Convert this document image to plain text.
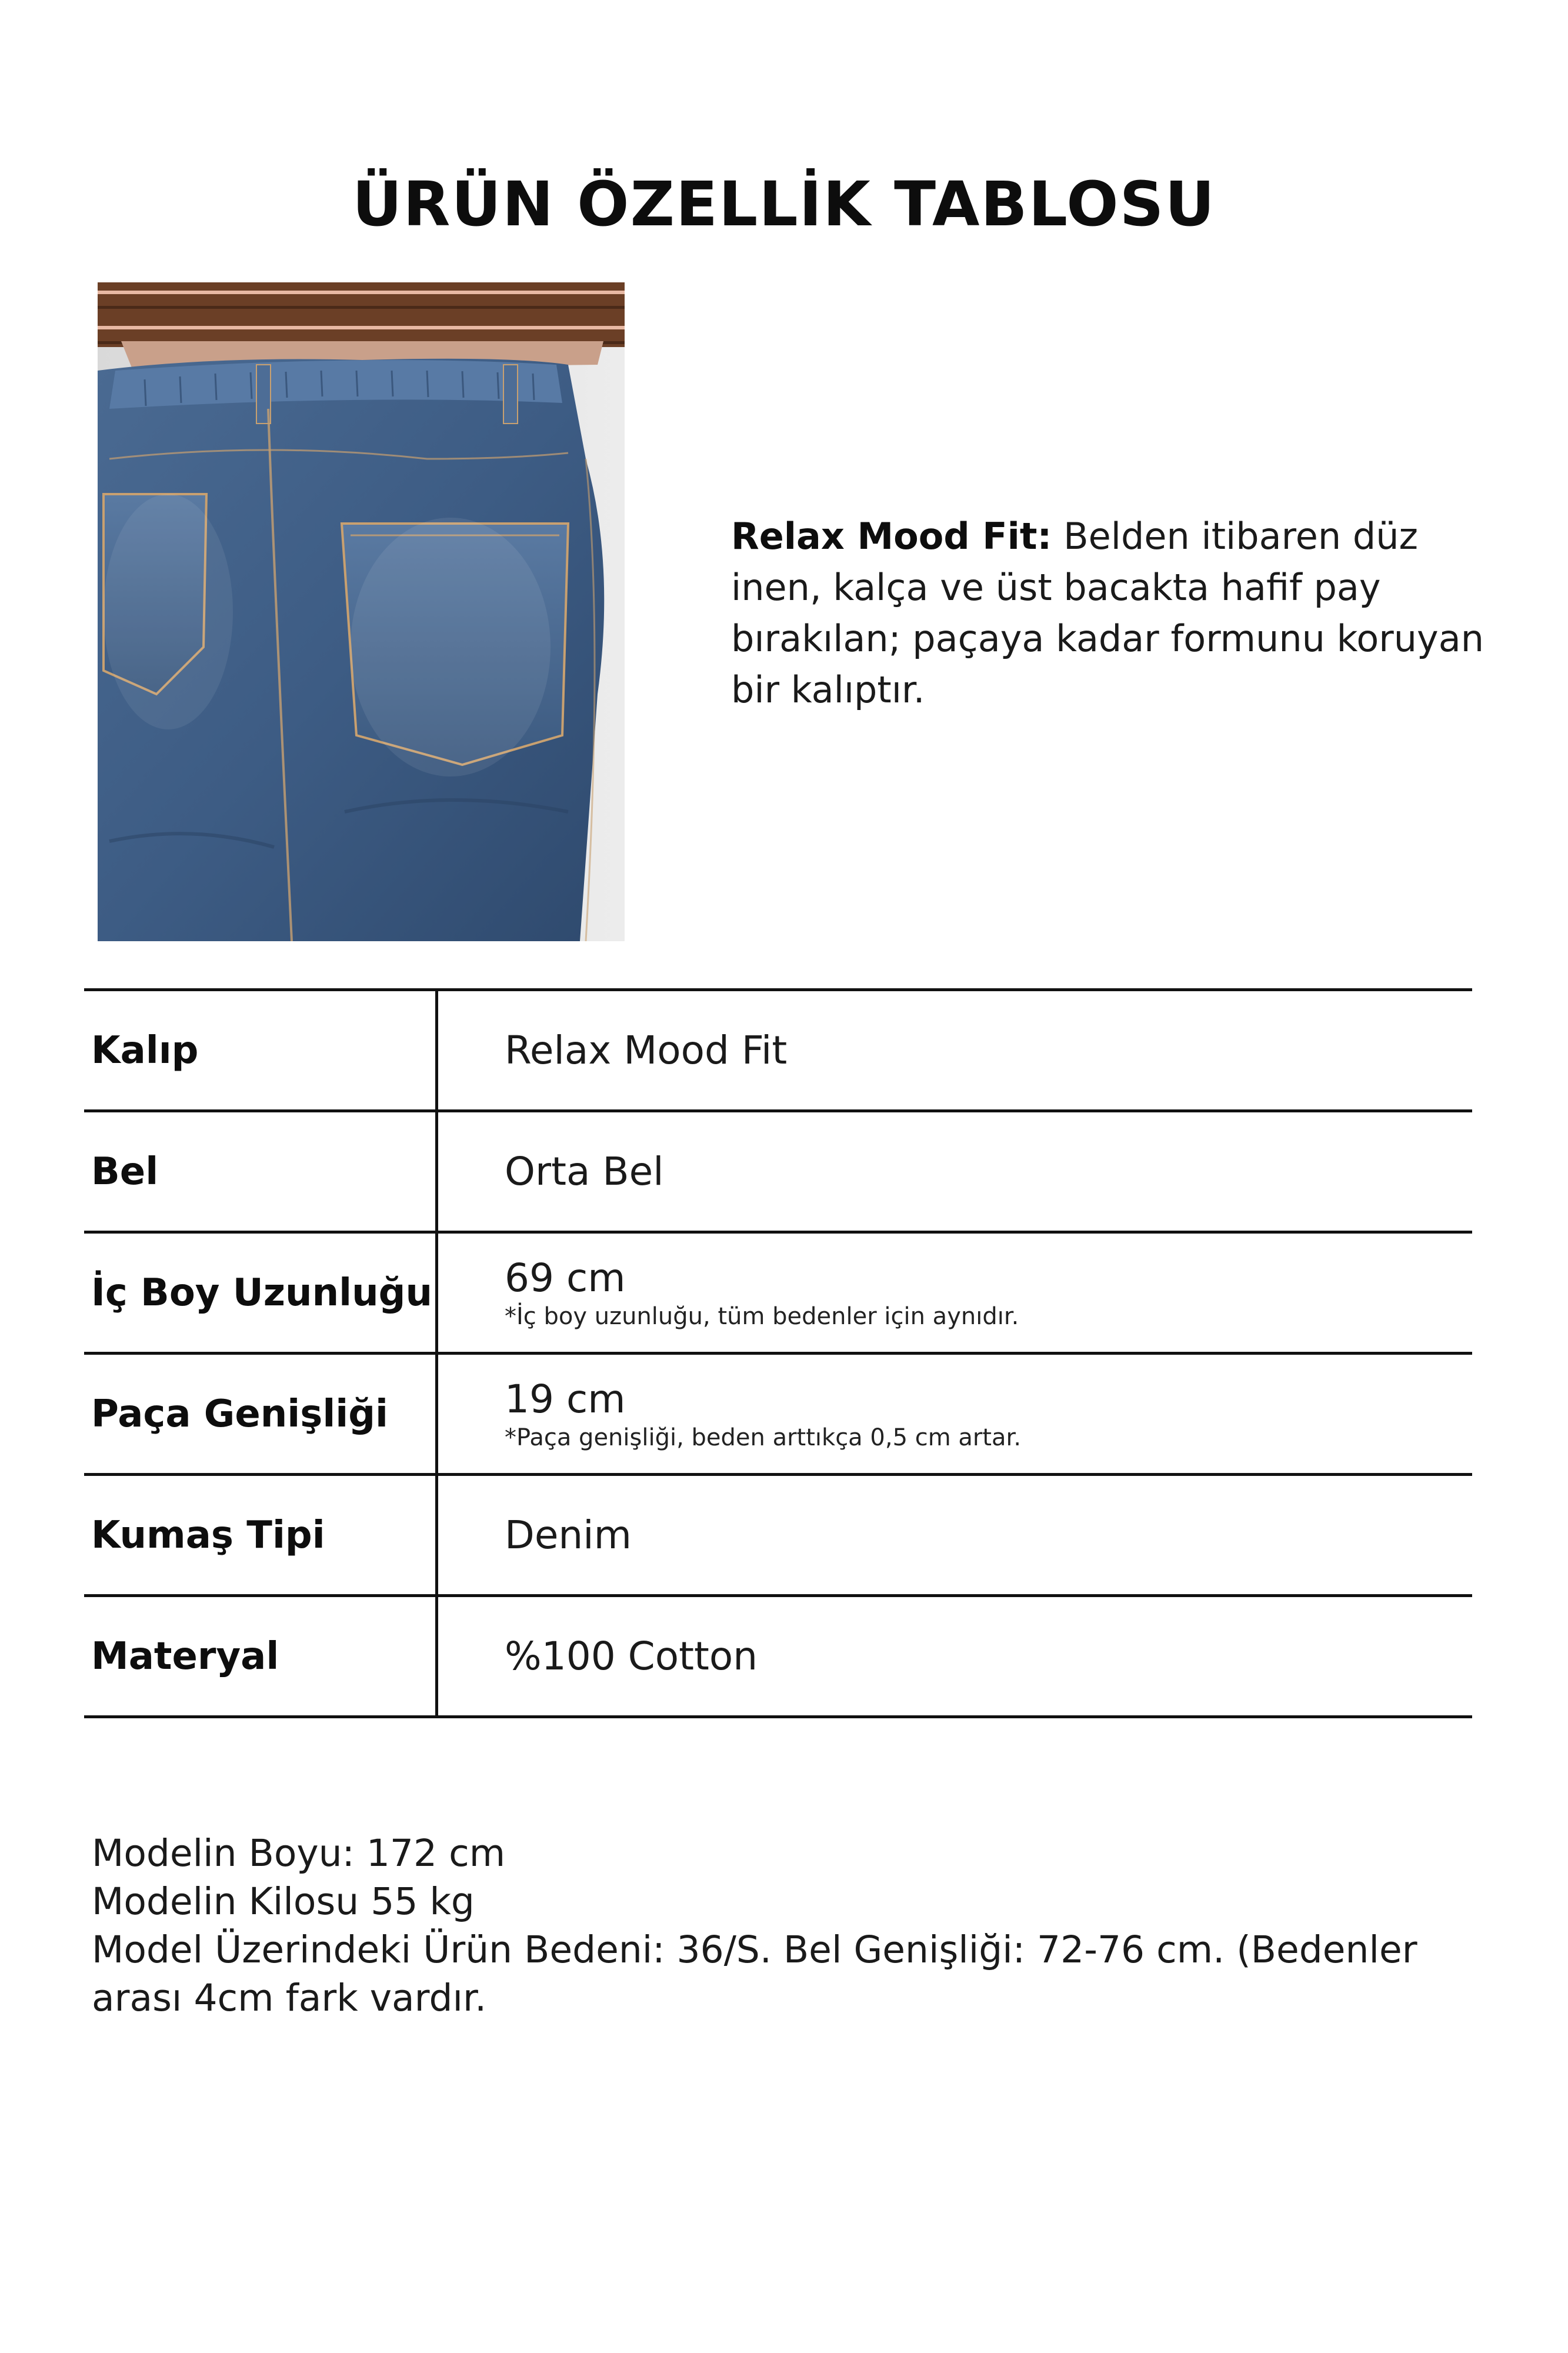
ÜRÜN ÖZELLİK TABLOSU
Relax Mood Fit: Belden itibaren düz inen, kalça ve üst bacakta hafif pay bırakılan; paçaya kadar formunu koruyan bir kalıptır.
Kalıp	Relax Mood Fit
Bel	Orta Bel
İç Boy Uzunluğu 69 cm
*İç boy uzunluğu, tüm bedenler için aynıdır.
Paça Genişliği	19 cm
*Paça genişliği, beden arttıkça 0,5 cm artar.
Kumaş Tipi	Denim
Materyal	%100 Cotton
Modelin Boyu: 172 cm
Modelin Kilosu 55 kg
Model Üzerindeki Ürün Bedeni: 36/S. Bel Genişliği: 72-76 cm. (Bedenler arası 4cm fark vardır.
